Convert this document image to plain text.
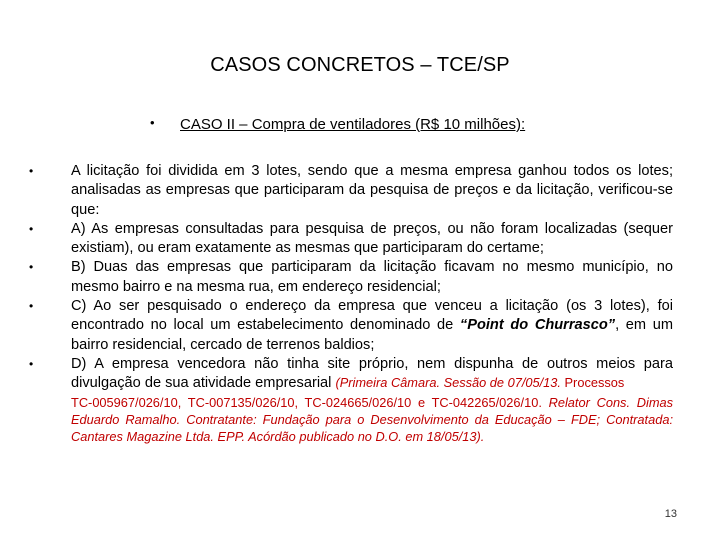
CASOS CONCRETOS – TCE/SP
• CASO II – Compra de ventiladores (R$ 10 milhões):
•	A licitação foi dividida em 3 lotes, sendo que a mesma empresa ganhou todos os lotes; analisadas as empresas que participaram da pesquisa de preços e da licitação, verificou-se que:
•	A) As empresas consultadas para pesquisa de preços, ou não foram localizadas (sequer existiam), ou eram exatamente as mesmas que participaram do certame;
•	B) Duas das empresas que participaram da licitação ficavam no mesmo município, no mesmo bairro e na mesma rua, em endereço residencial;
•	C) Ao ser pesquisado o endereço da empresa que venceu a licitação (os 3 lotes), foi encontrado no local um estabelecimento denominado de “Point do Churrasco”, em um bairro residencial, cercado de terrenos baldios;
•	D) A empresa vencedora não tinha site próprio, nem dispunha de outros meios para divulgação de sua atividade empresarial (Primeira Câmara. Sessão de 07/05/13. Processos
TC-005967/026/10, TC-007135/026/10, TC-024665/026/10 e TC-042265/026/10. Relator Cons. Dimas Eduardo Ramalho. Contratante: Fundação para o Desenvolvimento da Educação – FDE; Contratada: Cantares Magazine Ltda. EPP. Acórdão publicado no D.O. em 18/05/13).
13
